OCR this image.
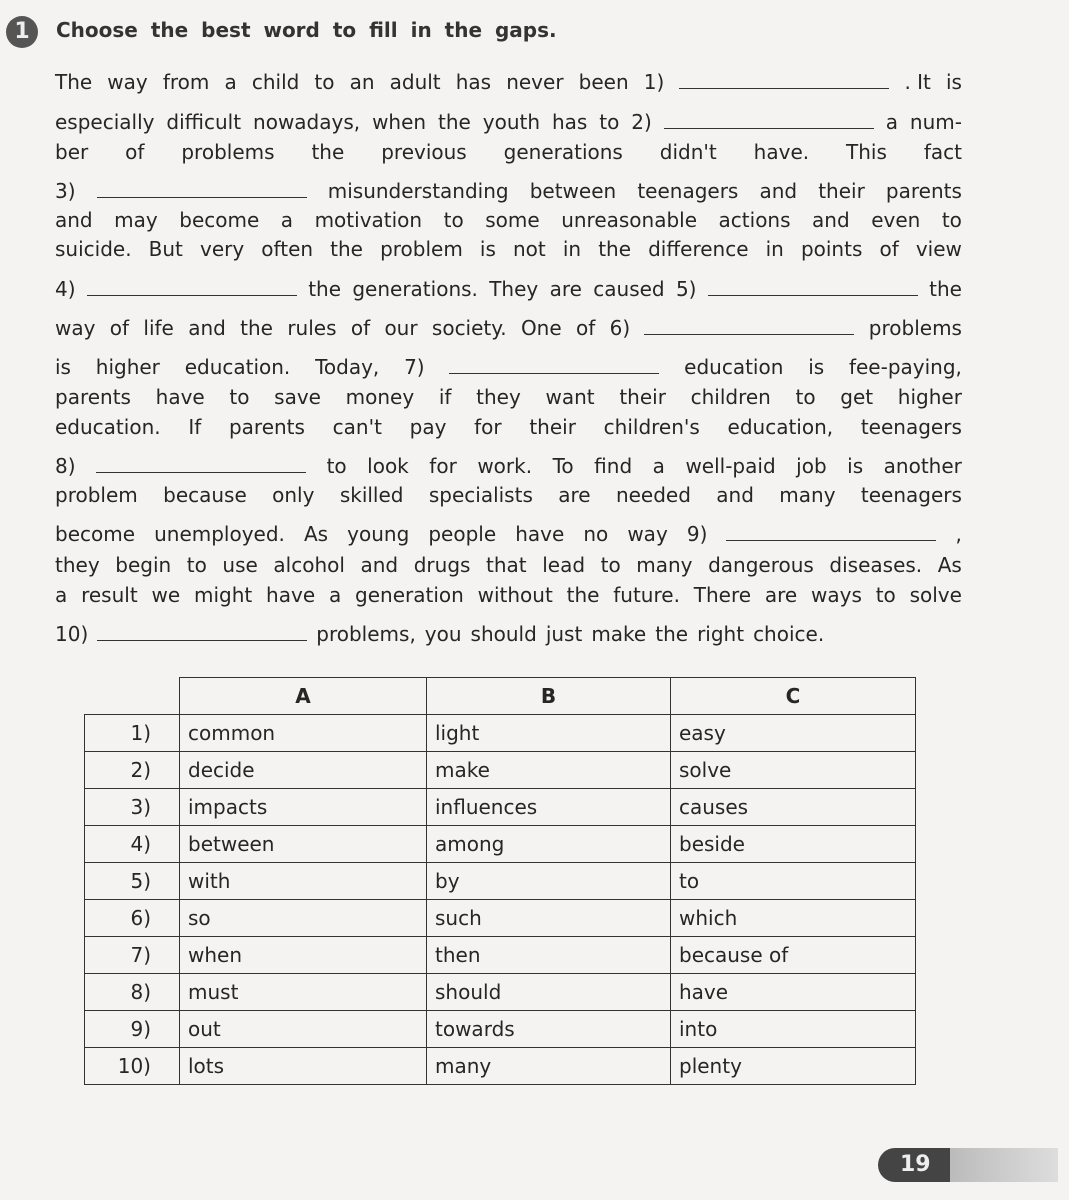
1	Choose the best word to fill in the gaps.
The way from a child to an adult has never been 1)	. It is
especially difficult nowadays, when the youth has to 2)	a num-
ber of problems the previous generations didn't have. This fact
3)	misunderstanding between teenagers and their parents
and may become a motivation to some unreasonable actions and even to
suicide. But very often the problem is not in the difference in points of view
4)	the generations. They are caused 5)	the
way of life and the rules of our society. One of 6)	problems
is higher education. Today, 7)	education is fee-paying,
parents have to save money if they want their children to get higher
education. If parents can't pay for their children's education, teenagers
8)	to look for work. To find a well-paid job is another
problem because only skilled specialists are needed and many teenagers
become unemployed. As young people have no way 9)	,
they begin to use alcohol and drugs that lead to many dangerous diseases. As
a result we might have a generation without the future. There are ways to solve
10)	problems, you should just make the right choice.
	A	B	C
1)	common	light	easy
2)	decide	make	solve
3)	impacts	influences	causes
4)	between	among	beside
5)	with	by	to
6)	so	such	which
7)	when	then	because of
8)	must	should	have
9)	out	towards	into
10)	lots	many	plenty
19
